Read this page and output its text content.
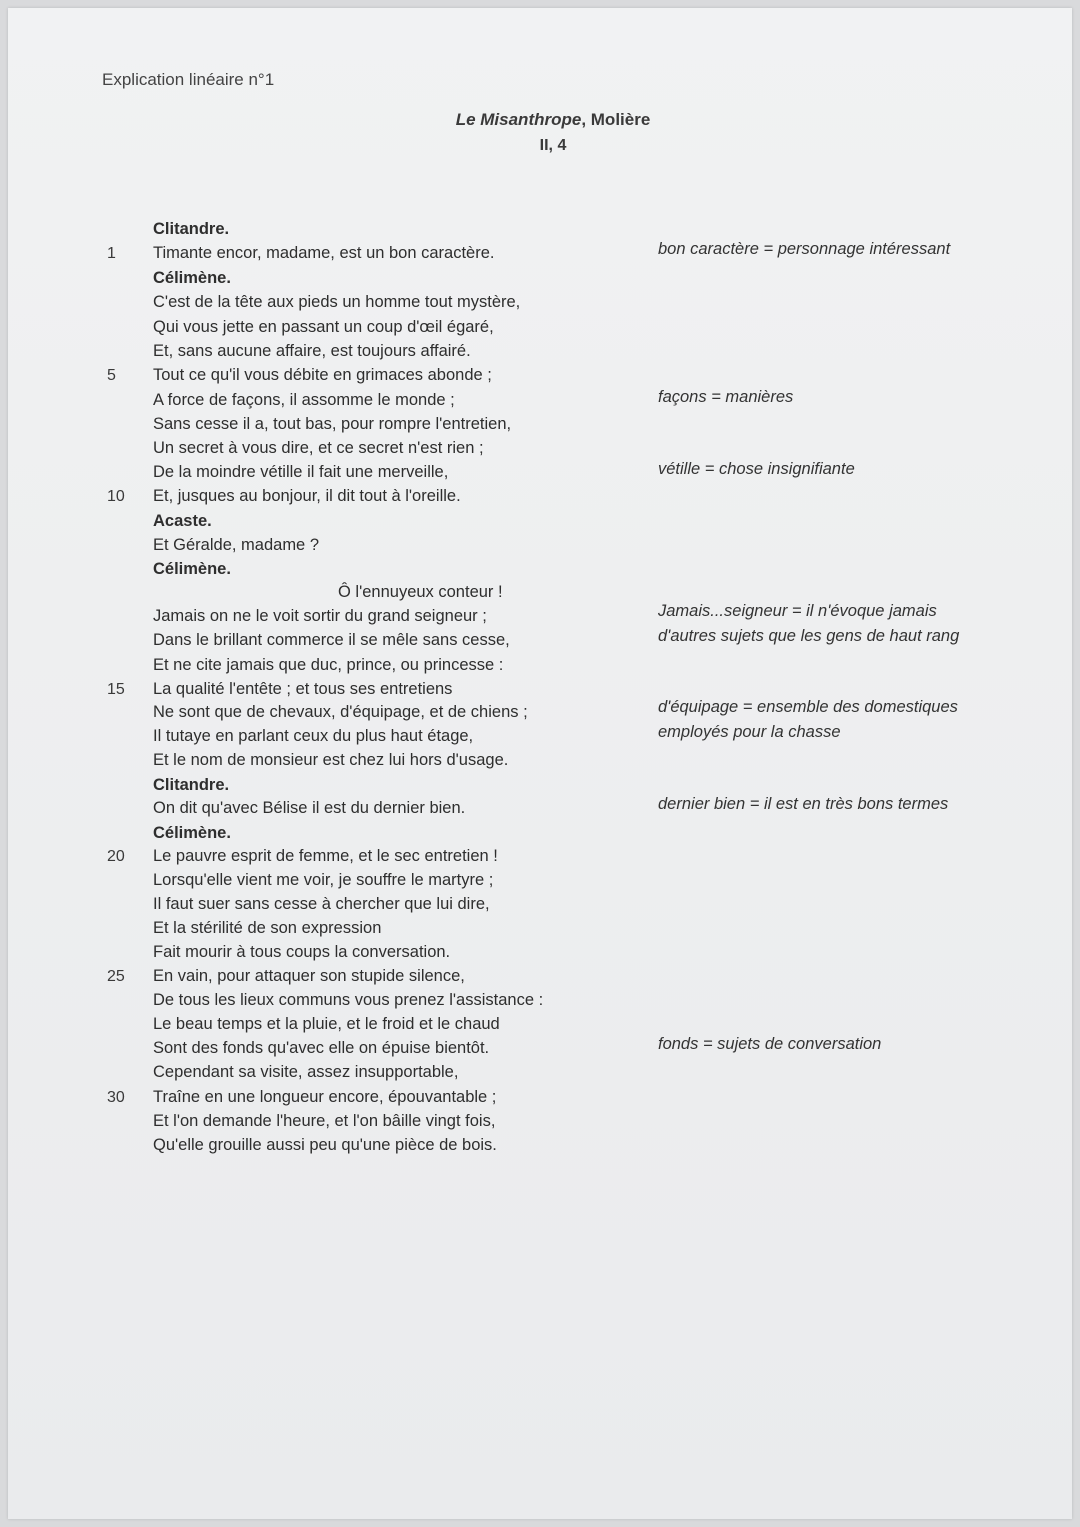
Explication linéaire n°1
Le Misanthrope, Molière
II, 4
Clitandre.
Timante encor, madame, est un bon caractère.
Célimène.
C'est de la tête aux pieds un homme tout mystère,
Qui vous jette en passant un coup d'œil égaré,
Et, sans aucune affaire, est toujours affairé.
Tout ce qu'il vous débite en grimaces abonde ;
A force de façons, il assomme le monde ;
Sans cesse il a, tout bas, pour rompre l'entretien,
Un secret à vous dire, et ce secret n'est rien ;
De la moindre vétille il fait une merveille,
Et, jusques au bonjour, il dit tout à l'oreille.
Acaste.
Et Géralde, madame ?
Célimène.
Ô l'ennuyeux conteur !
Jamais on ne le voit sortir du grand seigneur ;
Dans le brillant commerce il se mêle sans cesse,
Et ne cite jamais que duc, prince, ou princesse :
La qualité l'entête ; et tous ses entretiens
Ne sont que de chevaux, d'équipage, et de chiens ;
Il tutaye en parlant ceux du plus haut étage,
Et le nom de monsieur est chez lui hors d'usage.
Clitandre.
On dit qu'avec Bélise il est du dernier bien.
Célimène.
Le pauvre esprit de femme, et le sec entretien !
Lorsqu'elle vient me voir, je souffre le martyre ;
Il faut suer sans cesse à chercher que lui dire,
Et la stérilité de son expression
Fait mourir à tous coups la conversation.
En vain, pour attaquer son stupide silence,
De tous les lieux communs vous prenez l'assistance :
Le beau temps et la pluie, et le froid et le chaud
Sont des fonds qu'avec elle on épuise bientôt.
Cependant sa visite, assez insupportable,
Traîne en une longueur encore, épouvantable ;
Et l'on demande l'heure, et l'on bâille vingt fois,
Qu'elle grouille aussi peu qu'une pièce de bois.
1
5
10
15
20
25
30
bon caractère = personnage intéressant
façons = manières
vétille = chose insignifiante
Jamais...seigneur = il n'évoque jamais
d'autres sujets que les gens de haut rang
d'équipage = ensemble des domestiques
employés pour la chasse
dernier bien = il est en très bons termes
fonds = sujets de conversation
